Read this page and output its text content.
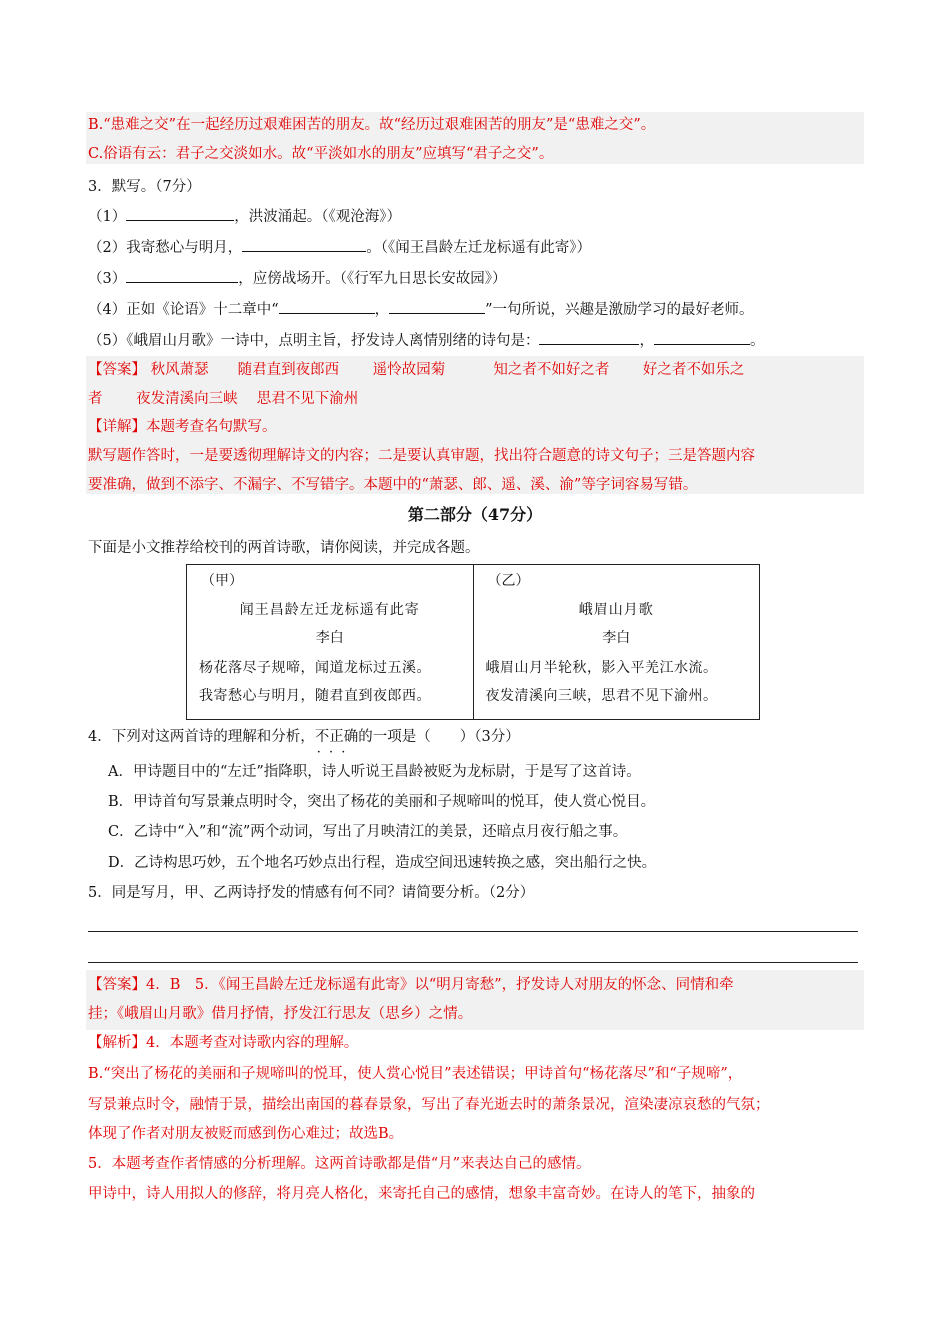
B.“患难之交”在一起经历过艰难困苦的朋友。故“经历过艰难困苦的朋友”是“患难之交”。
C.俗语有云：君子之交淡如水。故“平淡如水的朋友”应填写“君子之交”。
3．默写。（7分）
（1）	，洪波涌起。（《观沧海》）
（2）我寄愁心与明月，	。（《闻王昌龄左迁龙标遥有此寄》）
（3）	，应傍战场开。（《行军九日思长安故园》）
（4）正如《论语》十二章中“	，	”一句所说，兴趣是激励学习的最好老师。
（5）《峨眉山月歌》一诗中，点明主旨，抒发诗人离情别绪的诗句是：	，	。
【答案】 秋风萧瑟　　随君直到夜郎西　　 遥怜故园菊　　 　知之者不如好之者　　 好之者不如乐之
者　　 夜发清溪向三峡　 思君不见下渝州
【详解】本题考查名句默写。
默写题作答时，一是要透彻理解诗文的内容；二是要认真审题，找出符合题意的诗文句子；三是答题内容
要准确，做到不添字、不漏字、不写错字。本题中的“萧瑟、郎、遥、溪、渝”等字词容易写错。
第二部分（47分）
下面是小文推荐给校刊的两首诗歌，请你阅读，并完成各题。
（甲）
闻王昌龄左迁龙标遥有此寄
李白
杨花落尽子规啼，闻道龙标过五溪。
我寄愁心与明月，随君直到夜郎西。
（乙）
峨眉山月歌
李白
峨眉山月半轮秋，影入平羌江水流。
夜发清溪向三峡，思君不见下渝州。
4．下列对这两首诗的理解和分析，不正确 · · ·的一项是（　　）（3分）
A．甲诗题目中的“左迁”指降职，诗人听说王昌龄被贬为龙标尉，于是写了这首诗。
B．甲诗首句写景兼点明时令，突出了杨花的美丽和子规啼叫的悦耳，使人赏心悦目。
C．乙诗中“入”和“流”两个动词，写出了月映清江的美景，还暗点月夜行船之事。
D．乙诗构思巧妙，五个地名巧妙点出行程，造成空间迅速转换之感，突出船行之快。
5．同是写月，甲、乙两诗抒发的情感有何不同？请简要分析。（2分）
【答案】4．B　5．《闻王昌龄左迁龙标遥有此寄》以“明月寄愁”，抒发诗人对朋友的怀念、同情和牵
挂；《峨眉山月歌》借月抒情，抒发江行思友（思乡）之情。
【解析】4．本题考查对诗歌内容的理解。
B.“突出了杨花的美丽和子规啼叫的悦耳，使人赏心悦目”表述错误；甲诗首句“杨花落尽”和“子规啼”，
写景兼点时令，融情于景，描绘出南国的暮春景象，写出了春光逝去时的萧条景况，渲染凄凉哀愁的气氛；
体现了作者对朋友被贬而感到伤心难过；故选B。
5．本题考查作者情感的分析理解。这两首诗歌都是借“月”来表达自己的感情。
甲诗中，诗人用拟人的修辞，将月亮人格化，来寄托自己的感情，想象丰富奇妙。在诗人的笔下，抽象的
